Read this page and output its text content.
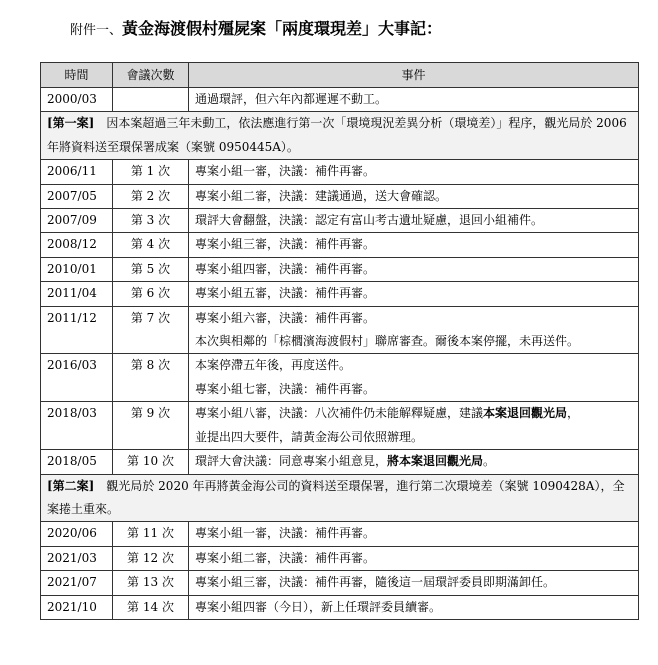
附件一、黃金海渡假村殭屍案「兩度環現差」大事記：
時間	會議次數	事件
2000/03		通過環評，但六年內都遲遲不動工。

[第一案]　因本案超過三年未動工，依法應進行第一次「環境現況差異分析（環境差）」程序，觀光局於 2006 年將資料送至環保署成案（案號 0950445A）。		
2006/11	第 1 次	專案小組一審，決議：補件再審。

2007/05	第 2 次	專案小組二審，決議：建議通過，送大會確認。

2007/09	第 3 次	環評大會翻盤，決議：認定有富山考古遺址疑慮，退回小組補件。

2008/12	第 4 次	專案小組三審，決議：補件再審。

2010/01	第 5 次	專案小組四審，決議：補件再審。

2011/04	第 6 次	專案小組五審，決議：補件再審。

2011/12	第 7 次	專案小組六審，決議：補件再審。
本次與相鄰的「棕櫚濱海渡假村」聯席審查。爾後本案停擺，未再送件。

2016/03	第 8 次	本案停滯五年後，再度送件。
專案小組七審，決議：補件再審。

2018/03	第 9 次	專案小組八審，決議：八次補件仍未能解釋疑慮，建議本案退回觀光局，
並提出四大要件，請黃金海公司依照辦理。

2018/05	第 10 次	環評大會決議：同意專案小組意見，將本案退回觀光局。

[第二案]　觀光局於 2020 年再將黃金海公司的資料送至環保署，進行第二次環境差（案號 1090428A），全案捲土重來。		
2020/06	第 11 次	專案小組一審，決議：補件再審。

2021/03	第 12 次	專案小組二審，決議：補件再審。

2021/07	第 13 次	專案小組三審，決議：補件再審，隨後這一屆環評委員即期滿卸任。

2021/10	第 14 次	專案小組四審（今日），新上任環評委員續審。
